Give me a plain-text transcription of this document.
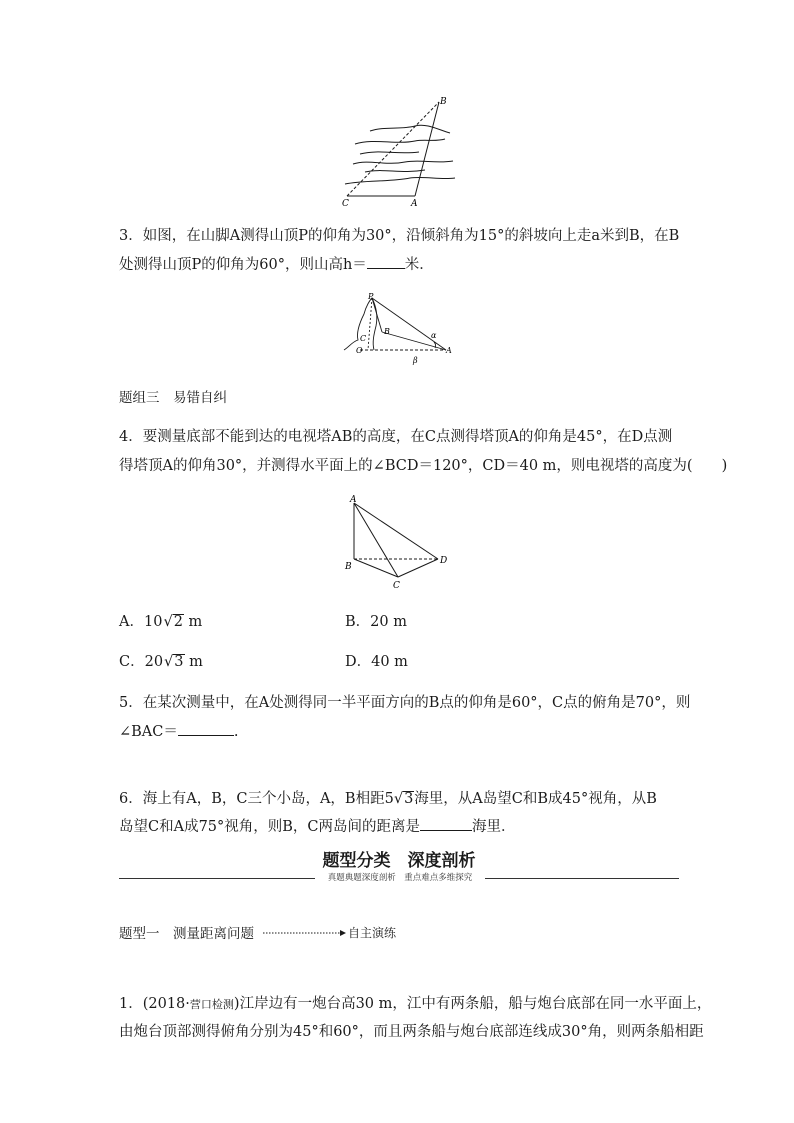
B
C	A
3．如图，在山脚A测得山顶P的仰角为30°，沿倾斜角为15°的斜坡向上走a米到B，在B
处测得山顶P的仰角为60°，则山高h＝	米．
P
C
B
O	A
α
β
题组三　易错自纠
4．要测量底部不能到达的电视塔AB的高度，在C点测得塔顶A的仰角是45°，在D点测
得塔顶A的仰角30°，并测得水平面上的∠BCD＝120°，CD＝40 m，则电视塔的高度为(　　)
A
B
C
D
A．10√2 m	B．20 m
C．20√3 m	D．40 m
5．在某次测量中，在A处测得同一半平面方向的B点的仰角是60°，C点的俯角是70°，则
∠BAC＝	.
6．海上有A，B，C三个小岛，A，B相距5√3海里，从A岛望C和B成45°视角，从B
岛望C和A成75°视角，则B，C两岛间的距离是	海里．
题型分类　深度剖析
真题典题深度剖析　重点难点多维探究
题型一　测量距离问题	自主演练
1．(2018·营口检测)江岸边有一炮台高30 m，江中有两条船，船与炮台底部在同一水平面上，
由炮台顶部测得俯角分别为45°和60°，而且两条船与炮台底部连线成30°角，则两条船相距
